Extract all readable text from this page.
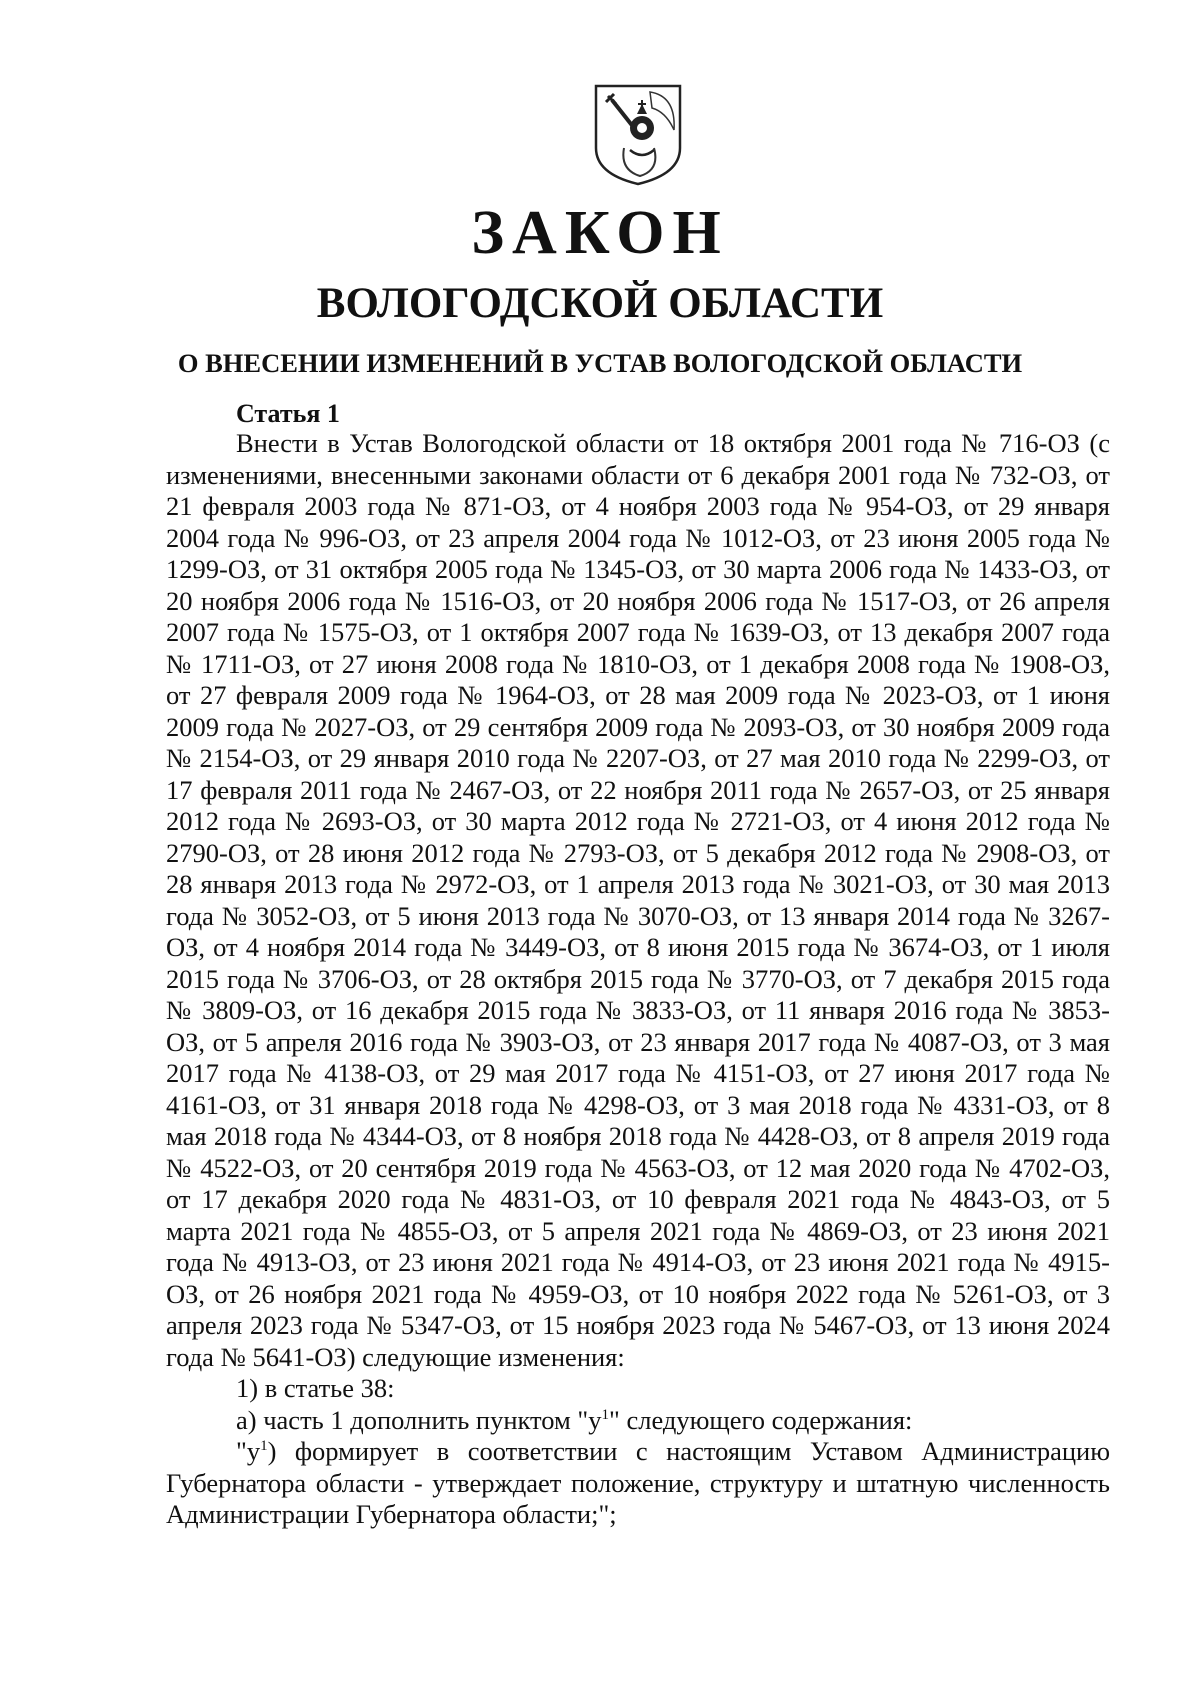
ЗАКОН
ВОЛОГОДСКОЙ ОБЛАСТИ
О ВНЕСЕНИИ ИЗМЕНЕНИЙ В УСТАВ ВОЛОГОДСКОЙ ОБЛАСТИ
Статья 1

Внести в Устав Вологодской области от 18 октября 2001 года № 716-ОЗ (с изменениями, внесенными законами области от 6 декабря 2001 года № 732-ОЗ, от 21 февраля 2003 года № 871-ОЗ, от 4 ноября 2003 года № 954-ОЗ, от 29 января 2004 года № 996-ОЗ, от 23 апреля 2004 года № 1012-ОЗ, от 23 июня 2005 года № 1299-ОЗ, от 31 октября 2005 года № 1345-ОЗ, от 30 марта 2006 года № 1433-ОЗ, от 20 ноября 2006 года № 1516-ОЗ, от 20 ноября 2006 года № 1517-ОЗ, от 26 апреля 2007 года № 1575-ОЗ, от 1 октября 2007 года № 1639-ОЗ, от 13 декабря 2007 года № 1711-ОЗ, от 27 июня 2008 года № 1810-ОЗ, от 1 декабря 2008 года № 1908-ОЗ, от 27 февраля 2009 года № 1964-ОЗ, от 28 мая 2009 года № 2023-ОЗ, от 1 июня 2009 года № 2027-ОЗ, от 29 сентября 2009 года № 2093-ОЗ, от 30 ноября 2009 года № 2154-ОЗ, от 29 января 2010 года № 2207-ОЗ, от 27 мая 2010 года № 2299-ОЗ, от 17 февраля 2011 года № 2467-ОЗ, от 22 ноября 2011 года № 2657-ОЗ, от 25 января 2012 года № 2693-ОЗ, от 30 марта 2012 года № 2721-ОЗ, от 4 июня 2012 года № 2790-ОЗ, от 28 июня 2012 года № 2793-ОЗ, от 5 декабря 2012 года № 2908-ОЗ, от 28 января 2013 года № 2972-ОЗ, от 1 апреля 2013 года № 3021-ОЗ, от 30 мая 2013 года № 3052-ОЗ, от 5 июня 2013 года № 3070-ОЗ, от 13 января 2014 года № 3267-ОЗ, от 4 ноября 2014 года № 3449-ОЗ, от 8 июня 2015 года № 3674-ОЗ, от 1 июля 2015 года № 3706-ОЗ, от 28 октября 2015 года № 3770-ОЗ, от 7 декабря 2015 года № 3809-ОЗ, от 16 декабря 2015 года № 3833-ОЗ, от 11 января 2016 года № 3853-ОЗ, от 5 апреля 2016 года № 3903-ОЗ, от 23 января 2017 года № 4087-ОЗ, от 3 мая 2017 года № 4138-ОЗ, от 29 мая 2017 года № 4151-ОЗ, от 27 июня 2017 года № 4161-ОЗ, от 31 января 2018 года № 4298-ОЗ, от 3 мая 2018 года № 4331-ОЗ, от 8 мая 2018 года № 4344-ОЗ, от 8 ноября 2018 года № 4428-ОЗ, от 8 апреля 2019 года № 4522-ОЗ, от 20 сентября 2019 года № 4563-ОЗ, от 12 мая 2020 года № 4702-ОЗ, от 17 декабря 2020 года № 4831-ОЗ, от 10 февраля 2021 года № 4843-ОЗ, от 5 марта 2021 года № 4855-ОЗ, от 5 апреля 2021 года № 4869-ОЗ, от 23 июня 2021 года № 4913-ОЗ, от 23 июня 2021 года № 4914-ОЗ, от 23 июня 2021 года № 4915-ОЗ, от 26 ноября 2021 года № 4959-ОЗ, от 10 ноября 2022 года № 5261-ОЗ, от 3 апреля 2023 года № 5347-ОЗ, от 15 ноября 2023 года № 5467-ОЗ, от 13 июня 2024 года № 5641-ОЗ) следующие изменения:

1) в статье 38:

а) часть 1 дополнить пунктом "$у^1$" следующего содержания:

"$у^1$) формирует в соответствии с настоящим Уставом Администрацию Губернатора области - утверждает положение, структуру и штатную численность Администрации Губернатора области;";
